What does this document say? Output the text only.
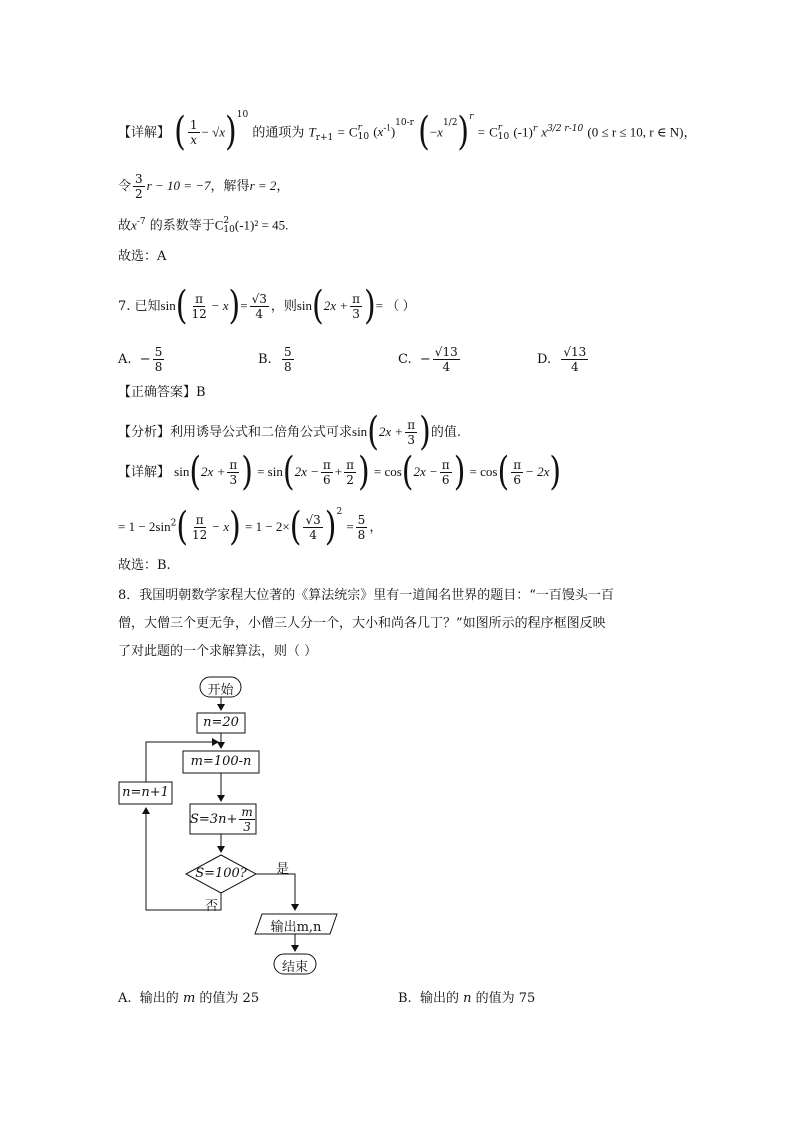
【详解】 ( $\frac{1}{x} - √x)^{10}$ 的通项为 $T_{r+1} = C$ r
10 $(x^{-1})^{10-r}$ $(-x^{1/2})^r = C$ r
10 $(-1)^r$ $x^{3/2 r-10}$ (0 ≤ r ≤ 10, r ∈ N)，
令 $\frac{3}{2}$ r − 10 = −7，解得r = 2，
故$x^{-7}$ 的系数等于C 2
10 (-1)² = 45.
故选：A
7. 已知$\sin( \frac{\pi}{12} - x)= \frac{√3}{4}$ ，则$\sin(2x + \frac{\pi}{3}$ )= （ ）
A. − $\frac{5}{8}$	B. $\frac{5}{8}$	C. − $\frac{√13}{4}$	D. $\frac{√13}{4}$
【正确答案】B
【分析】利用诱导公式和二倍角公式可求$\sin(2x + \frac{\pi}{3}$ )的值.
【详解】 $\sin(2x + \frac{\pi}{3}$ ) = $\sin(2x - \frac{\pi}{6} + \frac{\pi}{2}$ ) = $\cos(2x - \frac{\pi}{6}$ ) = $\cos( \frac{\pi}{6} - 2x)$
= $1 - 2\sin^2( \frac{\pi}{12} - x) = 1 - 2\times( \frac{√3}{4} )^2 = \frac{5}{8}$ ，
故选：B.
8．我国明朝数学家程大位著的《算法统宗》里有一道闻名世界的题目：“一百馒头一百
僧，大僧三个更无争，小僧三人分一个，大小和尚各几丁？”如图所示的程序框图反映
了对此题的一个求解算法，则（ ）
开始
n=20
m=100-n
$S=3n+ \frac{m}{3}$
S=100?	是
否
n=n+1
输出m,n
结束
A. 输出的 m 的值为 25	B. 输出的 n 的值为 75
